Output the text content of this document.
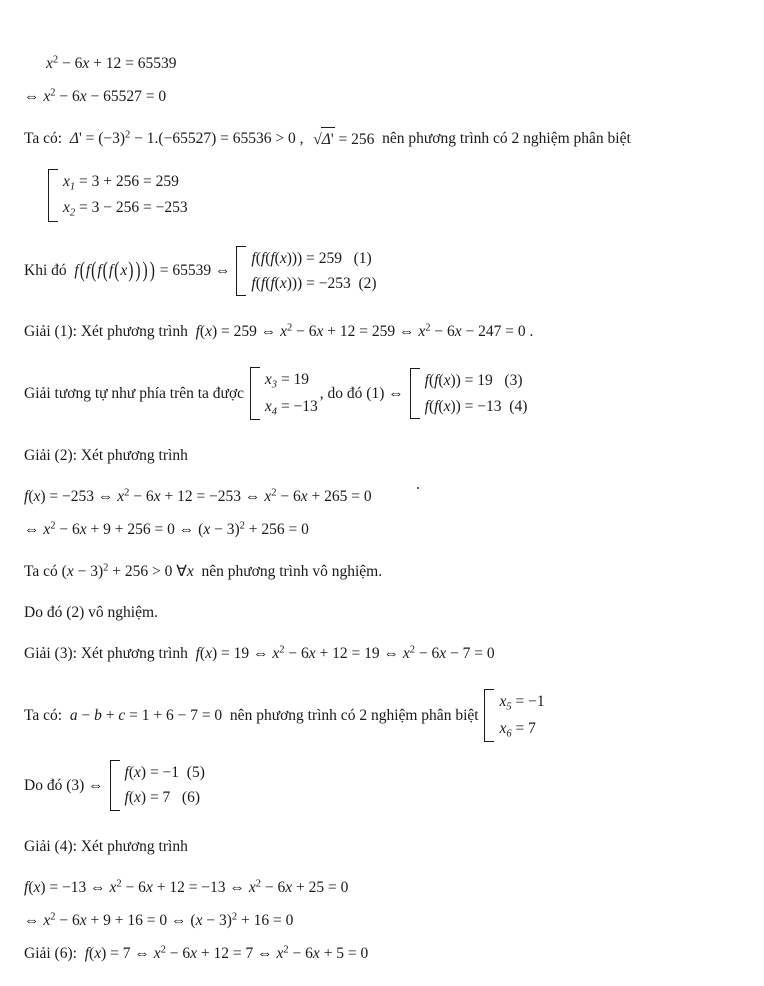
$x^2 - 6x + 12 = 65539$
⇔ $x^2 - 6x - 65527 = 0$
Ta có: $\Delta' = (-3)^2 - 1.(-65527) = 65536 > 0$ , √Δ' = 256 nên phương trình có 2 nghiệm phân biệt
$x_1 = 3 + 256 = 259$
$x_2 = 3 - 256 = -253$
Khi đó f(f(f(f(x) ) ) ) = 65539 ⇔
f(f(f(x))) = 259   (1)
f(f(f(x))) = −253  (2)
Giải (1): Xét phương trình  f(x) = 259 ⇔ $x^2 - 6x + 12 = 259$ ⇔ $x^2 - 6x - 247 = 0$ .
Giải tương tự như phía trên ta được
$x_3 = 19$
$x_4 = -13$
, do đó (1) ⇔
f(f(x)) = 19   (3)
f(f(x)) = −13  (4)
Giải (2): Xét phương trình
f(x) = −253 ⇔ $x^2 - 6x + 12 = -253$ ⇔ $x^2 - 6x + 265 = 0$
⇔ $x^2 - 6x + 9 + 256 = 0$ ⇔ $(x - 3)^2 + 256 = 0$
Ta có $(x - 3)^2 + 256 > 0$ ∀x  nên phương trình vô nghiệm.
Do đó (2) vô nghiệm.
Giải (3): Xét phương trình  f(x) = 19 ⇔ $x^2 - 6x + 12 = 19$ ⇔ $x^2 - 6x - 7 = 0$
Ta có:  a − b + c = 1 + 6 − 7 = 0  nên phương trình có 2 nghiệm phân biệt
$x_5 = -1$
$x_6 = 7$
Do đó (3) ⇔
f(x) = −1  (5)
f(x) = 7   (6)
Giải (4): Xét phương trình
f(x) = −13 ⇔ $x^2 - 6x + 12 = -13$ ⇔ $x^2 - 6x + 25 = 0$
⇔ $x^2 - 6x + 9 + 16 = 0$ ⇔ $(x - 3)^2 + 16 = 0$
Giải (6):  f(x) = 7 ⇔ $x^2 - 6x + 12 = 7$ ⇔ $x^2 - 6x + 5 = 0$
